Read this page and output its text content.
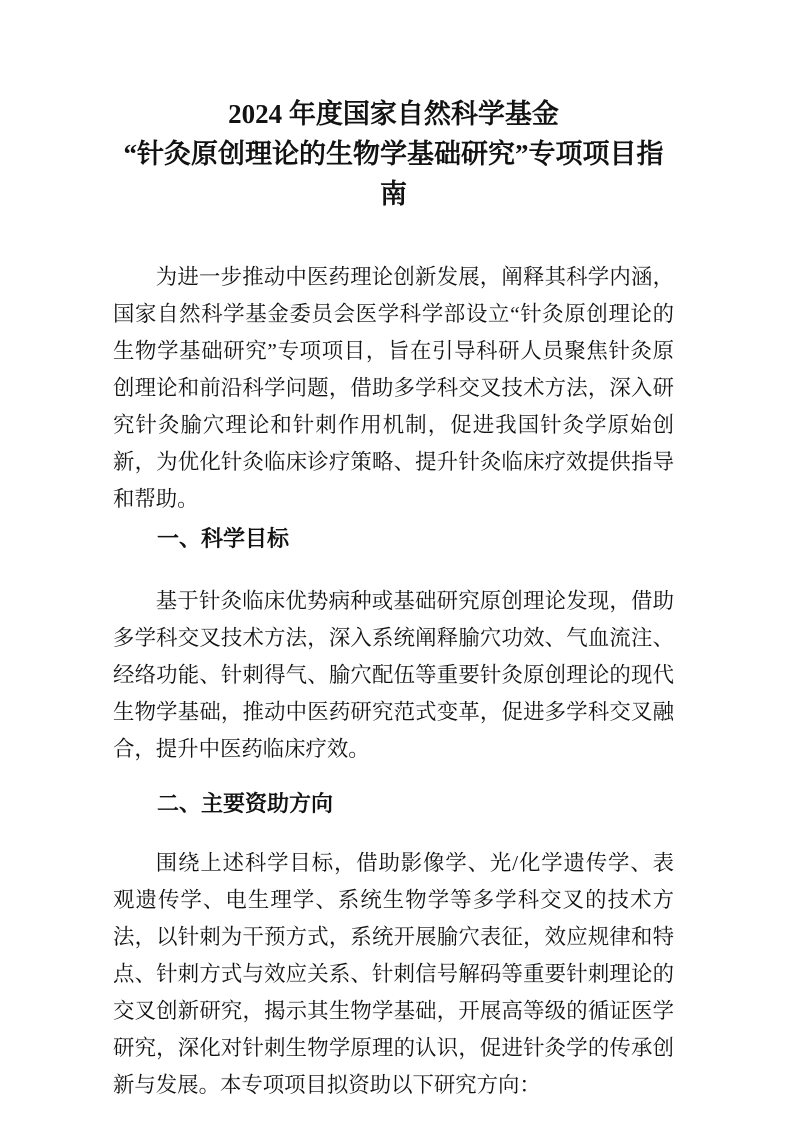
2024 年度国家自然科学基金
“针灸原创理论的生物学基础研究”专项项目指南
为进一步推动中医药理论创新发展，阐释其科学内涵，国家自然科学基金委员会医学科学部设立“针灸原创理论的生物学基础研究”专项项目，旨在引导科研人员聚焦针灸原创理论和前沿科学问题，借助多学科交叉技术方法，深入研究针灸腧穴理论和针刺作用机制，促进我国针灸学原始创新，为优化针灸临床诊疗策略、提升针灸临床疗效提供指导和帮助。
一、科学目标
基于针灸临床优势病种或基础研究原创理论发现，借助多学科交叉技术方法，深入系统阐释腧穴功效、气血流注、经络功能、针刺得气、腧穴配伍等重要针灸原创理论的现代生物学基础，推动中医药研究范式变革，促进多学科交叉融合，提升中医药临床疗效。
二、主要资助方向
围绕上述科学目标，借助影像学、光/化学遗传学、表观遗传学、电生理学、系统生物学等多学科交叉的技术方法，以针刺为干预方式，系统开展腧穴表征，效应规律和特点、针刺方式与效应关系、针刺信号解码等重要针刺理论的交叉创新研究，揭示其生物学基础，开展高等级的循证医学研究，深化对针刺生物学原理的认识，促进针灸学的传承创新与发展。本专项项目拟资助以下研究方向：
